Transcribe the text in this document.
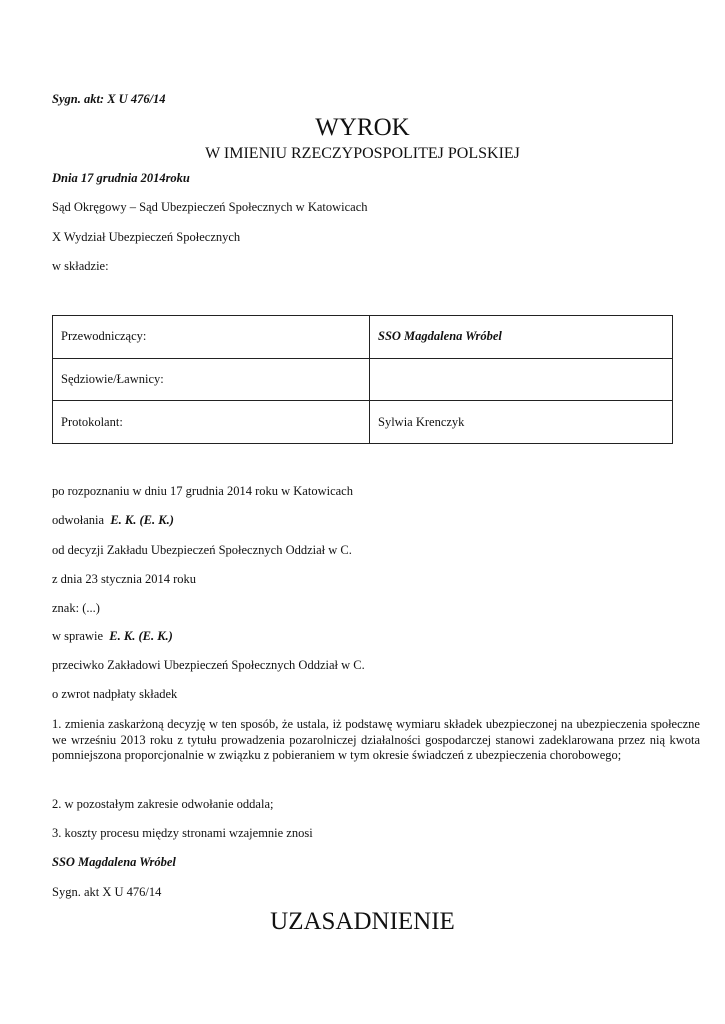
Sygn. akt: X U 476/14
WYROK
W IMIENIU RZECZYPOSPOLITEJ POLSKIEJ
Dnia 17 grudnia 2014roku
Sąd Okręgowy – Sąd Ubezpieczeń Społecznych w Katowicach
X Wydział Ubezpieczeń Społecznych
w składzie:
Przewodniczący:	SSO Magdalena Wróbel
Sędziowie/Ławnicy:	
Protokolant:	Sylwia Krenczyk
po rozpoznaniu w dniu 17 grudnia 2014 roku w Katowicach
odwołania E. K. (E. K.)
od decyzji Zakładu Ubezpieczeń Społecznych Oddział w C.
z dnia 23 stycznia 2014 roku
znak: (...)
w sprawie E. K. (E. K.)
przeciwko Zakładowi Ubezpieczeń Społecznych Oddział w C.
o zwrot nadpłaty składek
1. zmienia zaskarżoną decyzję w ten sposób, że ustala, iż podstawę wymiaru składek ubezpieczonej na ubezpieczenia społeczne we wrześniu 2013 roku z tytułu prowadzenia pozarolniczej działalności gospodarczej stanowi zadeklarowana przez nią kwota pomniejszona proporcjonalnie w związku z pobieraniem w tym okresie świadczeń z ubezpieczenia chorobowego;
2. w pozostałym zakresie odwołanie oddala;
3. koszty procesu między stronami wzajemnie znosi
SSO Magdalena Wróbel
Sygn. akt X U 476/14
UZASADNIENIE
